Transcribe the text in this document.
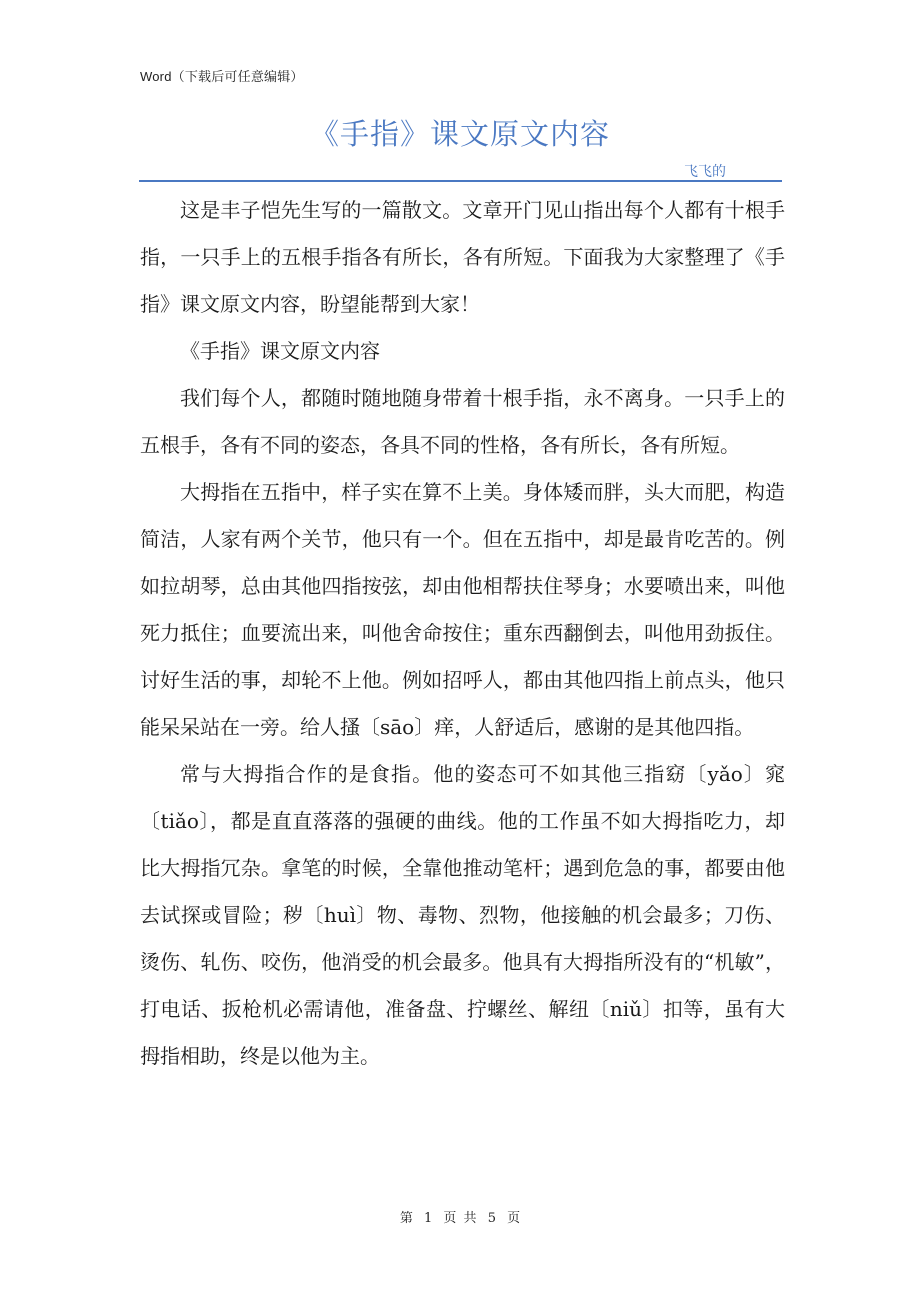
Word（下载后可任意编辑）
《手指》课文原文内容
飞飞的

这是丰子恺先生写的一篇散文。文章开门见山指出每个人都有十根手指，一只手上的五根手指各有所长，各有所短。下面我为大家整理了《手指》课文原文内容，盼望能帮到大家！

《手指》课文原文内容

我们每个人，都随时随地随身带着十根手指，永不离身。一只手上的五根手，各有不同的姿态，各具不同的性格，各有所长，各有所短。

大拇指在五指中，样子实在算不上美。身体矮而胖，头大而肥，构造简洁，人家有两个关节，他只有一个。但在五指中，却是最肯吃苦的。例如拉胡琴，总由其他四指按弦，却由他相帮扶住琴身；水要喷出来，叫他死力抵住；血要流出来，叫他舍命按住；重东西翻倒去，叫他用劲扳住。讨好生活的事，却轮不上他。例如招呼人，都由其他四指上前点头，他只能呆呆站在一旁。给人搔〔sāo〕痒，人舒适后，感谢的是其他四指。

常与大拇指合作的是食指。他的姿态可不如其他三指窈〔yǎo〕窕〔tiǎo〕，都是直直落落的强硬的曲线。他的工作虽不如大拇指吃力，却比大拇指冗杂。拿笔的时候，全靠他推动笔杆；遇到危急的事，都要由他去试探或冒险；秽〔huì〕物、毒物、烈物，他接触的机会最多；刀伤、烫伤、轧伤、咬伤，他消受的机会最多。他具有大拇指所没有的“机敏”，打电话、扳枪机必需请他，准备盘、拧螺丝、解纽〔niǔ〕扣等，虽有大拇指相助，终是以他为主。

第 1 页 共 5 页
